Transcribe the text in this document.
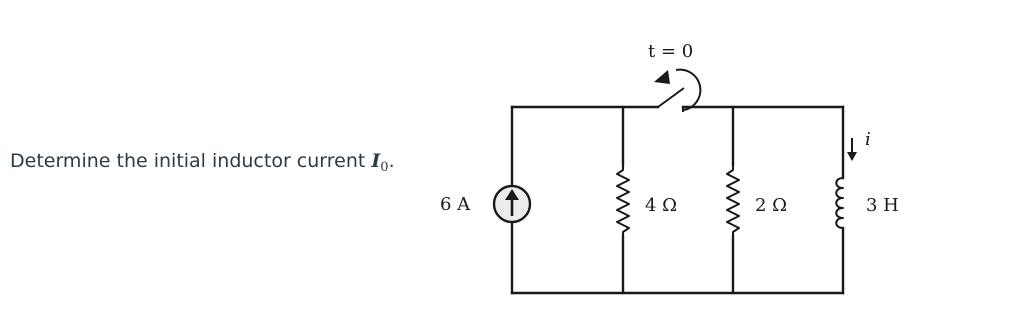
Determine the initial inductor current $I_0$.
t = 0
6 A	4 Ω	2 Ω	3 H
i
